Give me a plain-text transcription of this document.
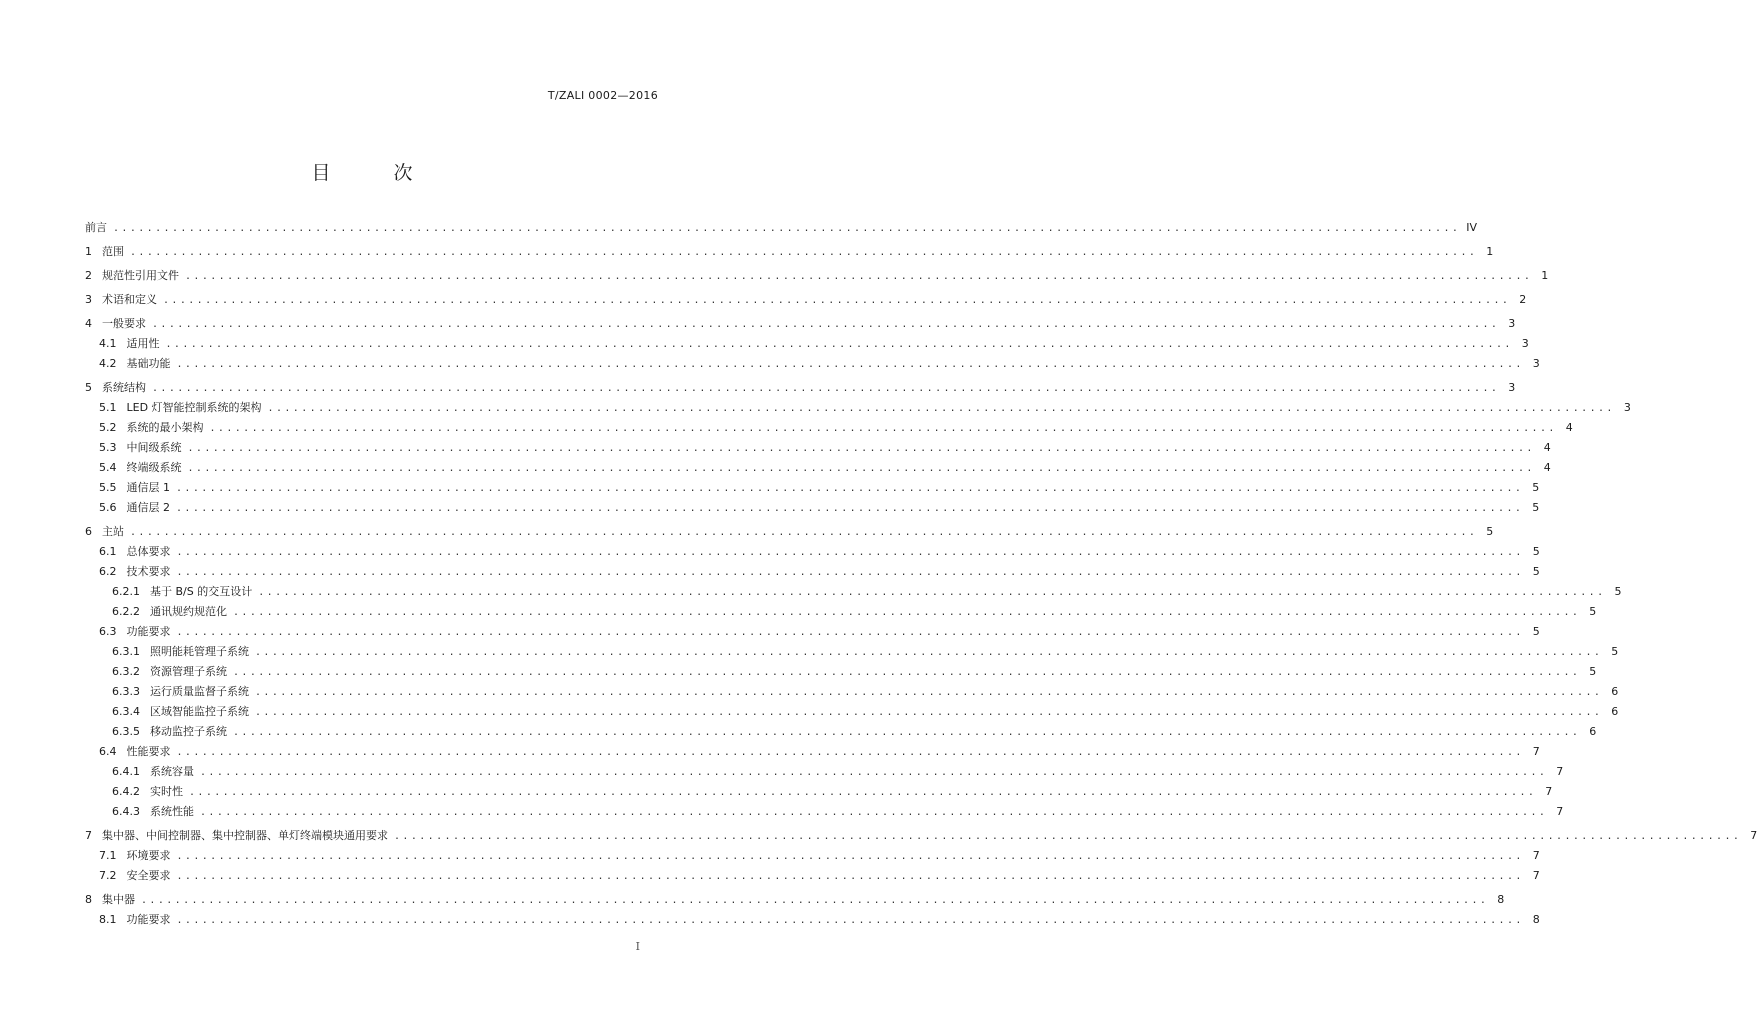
T/ZALI 0002—2016
目　次
前言 ................................................................................................................................................................ IV
1 范围 ................................................................................................................................................................ 1
2 规范性引用文件 ................................................................................................................................................................ 1
3 术语和定义 ................................................................................................................................................................ 2
4 一般要求 ................................................................................................................................................................ 3
4.1 适用性 ................................................................................................................................................................ 3
4.2 基础功能 ................................................................................................................................................................ 3
5 系统结构 ................................................................................................................................................................ 3
5.1 LED 灯智能控制系统的架构 ................................................................................................................................................................ 3
5.2 系统的最小架构 ................................................................................................................................................................ 4
5.3 中间级系统 ................................................................................................................................................................ 4
5.4 终端级系统 ................................................................................................................................................................ 4
5.5 通信层 1 ................................................................................................................................................................ 5
5.6 通信层 2 ................................................................................................................................................................ 5
6 主站 ................................................................................................................................................................ 5
6.1 总体要求 ................................................................................................................................................................ 5
6.2 技术要求 ................................................................................................................................................................ 5
6.2.1 基于 B/S 的交互设计 ................................................................................................................................................................ 5
6.2.2 通讯规约规范化 ................................................................................................................................................................ 5
6.3 功能要求 ................................................................................................................................................................ 5
6.3.1 照明能耗管理子系统 ................................................................................................................................................................ 5
6.3.2 资源管理子系统 ................................................................................................................................................................ 5
6.3.3 运行质量监督子系统 ................................................................................................................................................................ 6
6.3.4 区域智能监控子系统 ................................................................................................................................................................ 6
6.3.5 移动监控子系统 ................................................................................................................................................................ 6
6.4 性能要求 ................................................................................................................................................................ 7
6.4.1 系统容量 ................................................................................................................................................................ 7
6.4.2 实时性 ................................................................................................................................................................ 7
6.4.3 系统性能 ................................................................................................................................................................ 7
7 集中器、中间控制器、集中控制器、单灯终端模块通用要求 ................................................................................................................................................................ 7
7.1 环境要求 ................................................................................................................................................................ 7
7.2 安全要求 ................................................................................................................................................................ 7
8 集中器 ................................................................................................................................................................ 8
8.1 功能要求 ................................................................................................................................................................ 8
I
